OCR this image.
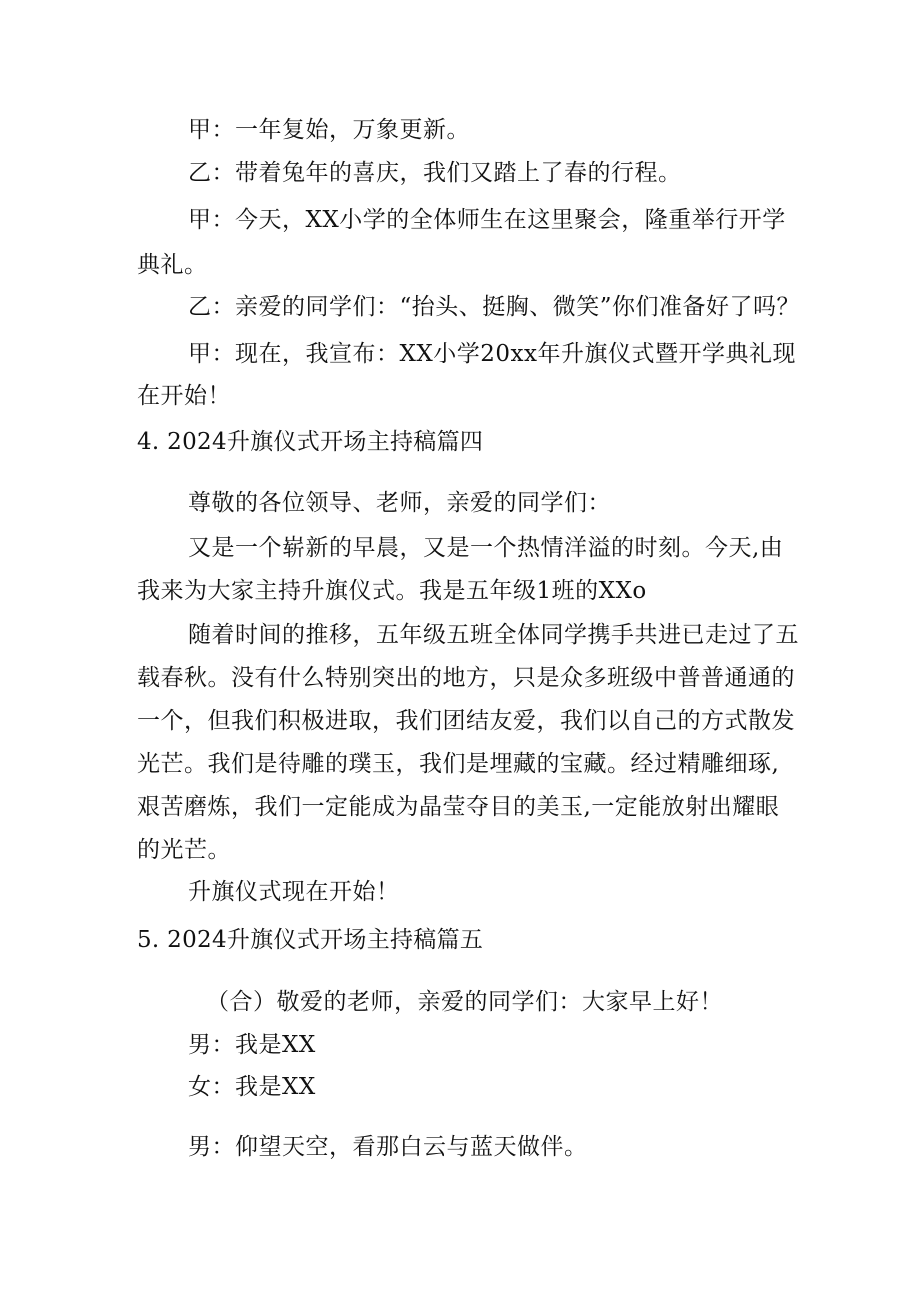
甲：一年复始，万象更新。

乙：带着兔年的喜庆，我们又踏上了春的行程。

甲：今天，XX小学的全体师生在这里聚会，隆重举行开学

典礼。

乙：亲爱的同学们：“抬头、挺胸、微笑”你们准备好了吗？

甲：现在，我宣布：XX小学20xx年升旗仪式暨开学典礼现

在开始！

4. 2024升旗仪式开场主持稿篇四

尊敬的各位领导、老师，亲爱的同学们：

又是一个崭新的早晨，又是一个热情洋溢的时刻。今天,由

我来为大家主持升旗仪式。我是五年级1班的XXo

随着时间的推移，五年级五班全体同学携手共进已走过了五

载春秋。没有什么特别突出的地方，只是众多班级中普普通通的

一个，但我们积极进取，我们团结友爱，我们以自己的方式散发

光芒。我们是待雕的璞玉，我们是埋藏的宝藏。经过精雕细琢,

艰苦磨炼，我们一定能成为晶莹夺目的美玉,一定能放射出耀眼

的光芒。

升旗仪式现在开始！

5. 2024升旗仪式开场主持稿篇五

（合）敬爱的老师，亲爱的同学们：大家早上好！

男：我是XX

女：我是XX

男：仰望天空，看那白云与蓝天做伴。
